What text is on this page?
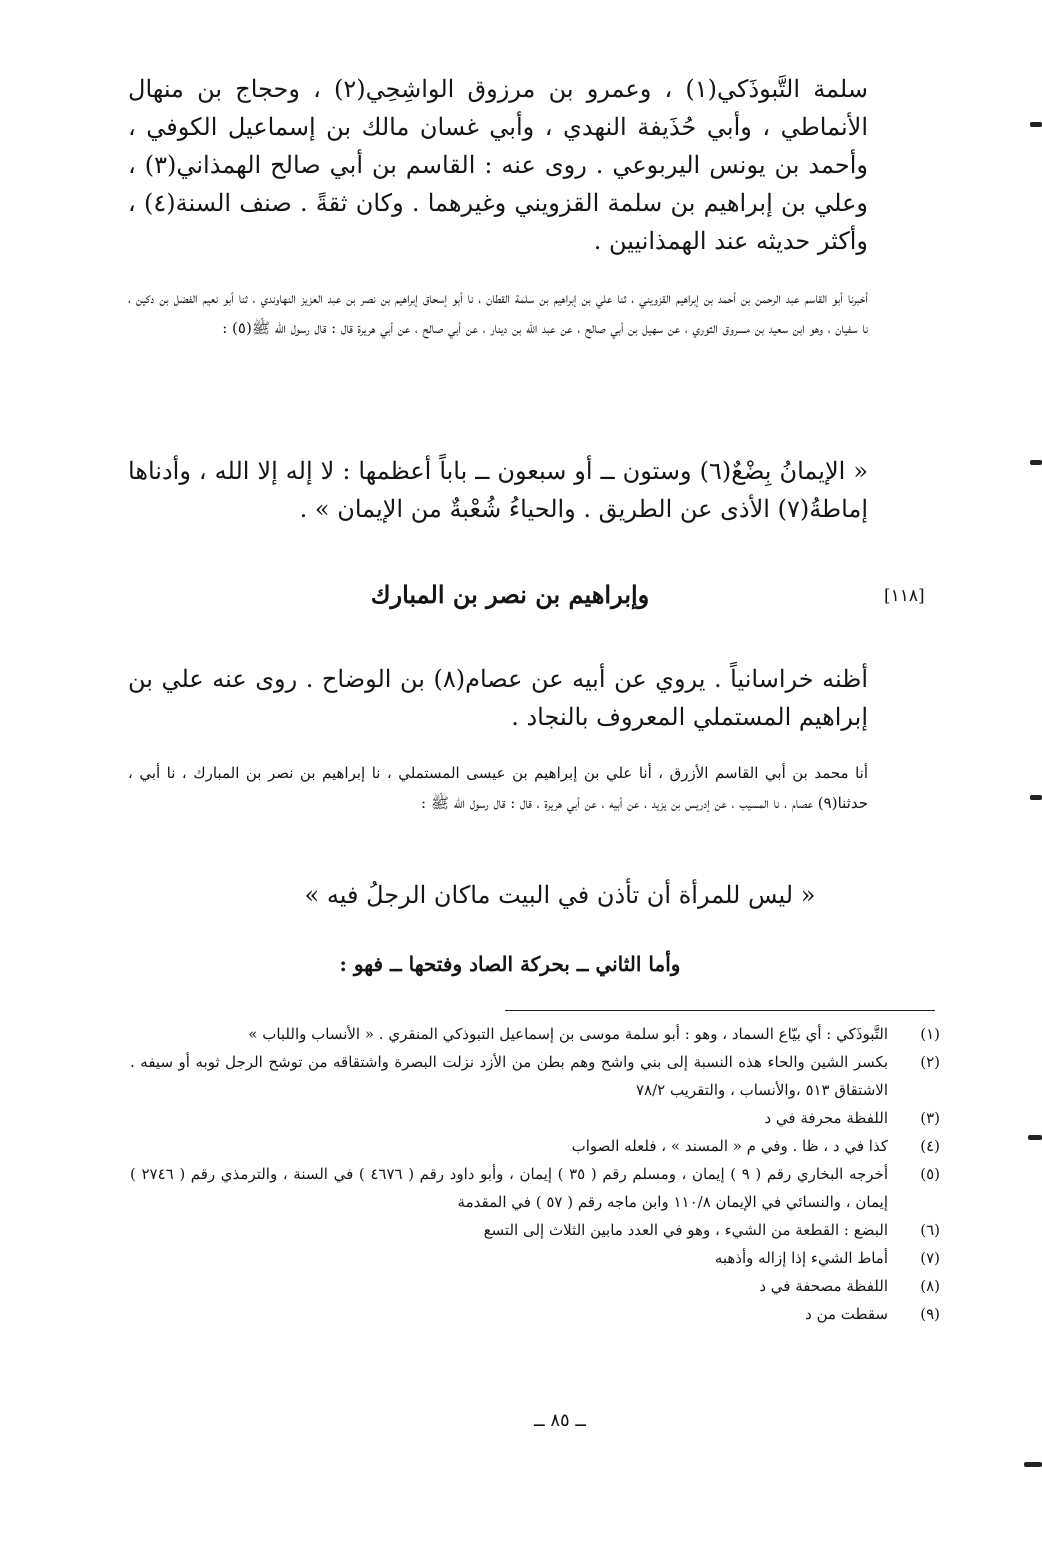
سلمة التَّبوذَكي(١) ، وعمرو بن مرزوق الواشِحِي(٢) ، وحجاج بن منهال الأنماطي ، وأبي حُذَيفة النهدي ، وأبي غسان مالك بن إسماعيل الكوفي ، وأحمد بن يونس اليربوعي . روى عنه : القاسم بن أبي صالح الهمذاني(٣) ، وعلي بن إبراهيم بن سلمة القزويني وغيرهما . وكان ثقةً . صنف السنة(٤) ، وأكثر حديثه عند الهمذانيين .

أخبرنا أبو القاسم عبد الرحمن بن أحمد بن إبراهيم القزويني ، ثنا علي بن إبراهيم بن سلمة القطان ، نا أبو إسحاق إبراهيم بن نصر بن عبد العزيز النهاوندي ، ثنا أبو نعيم الفضل بن دكين ، نا سفيان ، وهو ابن سعيد بن مسروق الثوري ، عن سهيل بن أبي صالح ، عن عبد الله بن دينار ، عن أبي صالح ، عن أبي هريرة قال : قال رسول الله ﷺ(٥) :

« الإيمانُ بِضْعٌ(٦) وستون ــ أو سبعون ــ باباً أعظمها : لا إله إلا الله ، وأدناها إماطةُ(٧) الأذى عن الطريق . والحياءُ شُعْبةٌ من الإيمان » .

[١١٨]
وإبراهيم بن نصر بن المبارك

أظنه خراسانياً . يروي عن أبيه عن عصام(٨) بن الوضاح . روى عنه علي بن إبراهيم المستملي المعروف بالنجاد .

أنا محمد بن أبي القاسم الأزرق ، أنا علي بن إبراهيم بن عيسى المستملي ، نا إبراهيم بن نصر بن المبارك ، نا أبي ، حدثنا(٩) عصام ، نا المسيب ، عن إدريس بن يزيد ، عن أبيه ، عن أبي هريرة ، قال : قال رسول الله ﷺ :

« ليس للمرأة أن تأذن في البيت ماكان الرجلُ فيه »
وأما الثاني ــ بحركة الصاد وفتحها ــ فهو :
(١)
التَّبوذَكي : أي بيّاع السماد ، وهو : أبو سلمة موسى بن إسماعيل التبوذكي المنقري . « الأنساب واللباب »
(٢)
بكسر الشين والحاء هذه النسبة إلى بني واشح وهم بطن من الأزد نزلت البصرة واشتقاقه من توشح الرجل ثوبه أو سيفه . الاشتقاق ٥١٣ ،والأنساب ، والتقريب ٧٨/٢
(٣)
اللفظة محرفة في د
(٤)
كذا في د ، ظا . وفي م « المسند » ، فلعله الصواب
(٥)
أخرجه البخاري رقم ( ٩ ) إيمان ، ومسلم رقم ( ٣٥ ) إيمان ، وأبو داود رقم ( ٤٦٧٦ ) في السنة ، والترمذي رقم ( ٢٧٤٦ ) إيمان ، والنسائي في الإيمان ١١٠/٨ وابن ماجه رقم ( ٥٧ ) في المقدمة
(٦)
البضع : القطعة من الشيء ، وهو في العدد مابين الثلاث إلى التسع
(٧)
أماط الشيء إذا إزاله وأذهبه
(٨)
اللفظة مصحفة في د
(٩)
سقطت من د
ــ ٨٥ ــ
